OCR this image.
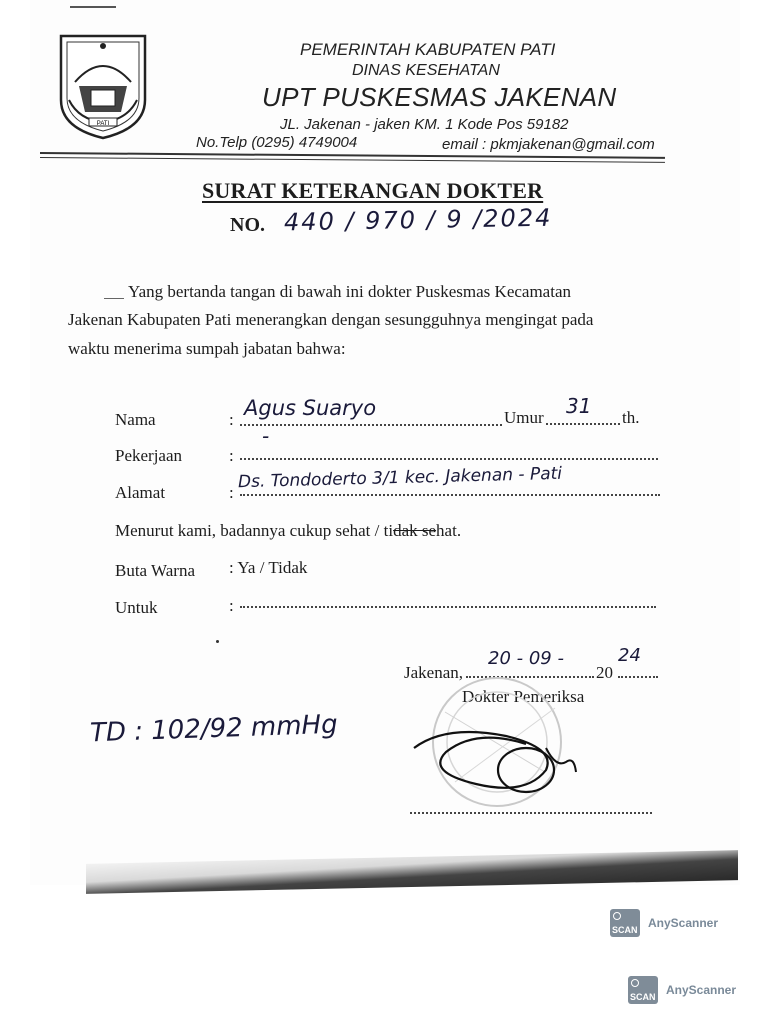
PATI
PEMERINTAH KABUPATEN PATI
DINAS KESEHATAN
UPT PUSKESMAS JAKENAN
JL. Jakenan - jaken KM. 1 Kode Pos 59182
No.Telp (0295) 4749004	email : pkmjakenan@gmail.com
SURAT KETERANGAN DOKTER
NO. 440 / 970 / 9 /2024
Yang bertanda tangan di bawah ini dokter Puskesmas Kecamatan
Jakenan Kabupaten Pati menerangkan dengan sesungguhnya mengingat pada
waktu menerima sumpah jabatan bahwa:
Nama	: Agus Suaryo	Umur 31 th.
Pekerjaan	:
-
Alamat	:
Ds. Tondoderto 3/1 kec. Jakenan - Pati
Menurut kami, badannya cukup sehat / tidak sehat.
Buta Warna : Ya / Tidak
Untuk	:
Jakenan,
20 - 09 -
20
24
Dokter Pemeriksa
TD : 102/92 mmHg
SCAN AnyScanner
SCAN AnyScanner
